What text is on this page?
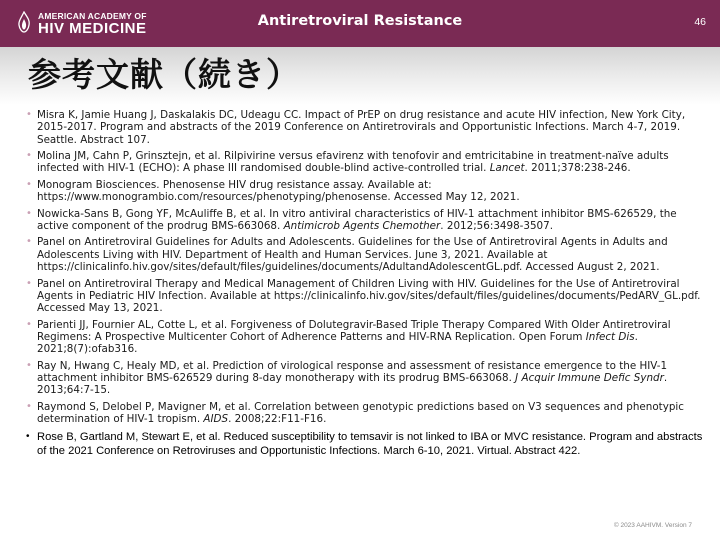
AMERICAN ACADEMY OF
HIV MEDICINE	Antiretroviral Resistance	46
参考文献（続き）
• Misra K, Jamie Huang J, Daskalakis DC, Udeagu CC. Impact of PrEP on drug resistance and acute HIV infection, New York City, 2015-2017. Program and abstracts of the 2019 Conference on Antiretrovirals and Opportunistic Infections. March 4-7, 2019. Seattle. Abstract 107.
• Molina JM, Cahn P, Grinsztejn, et al. Rilpivirine versus efavirenz with tenofovir and emtricitabine in treatment-naïve adults infected with HIV-1 (ECHO): A phase III randomised double-blind active-controlled trial. Lancet. 2011;378:238-246.
• Monogram Biosciences. Phenosense HIV drug resistance assay. Available at: https://www.monogrambio.com/resources/phenotyping/phenosense. Accessed May 12, 2021.
• Nowicka-Sans B, Gong YF, McAuliffe B, et al. In vitro antiviral characteristics of HIV-1 attachment inhibitor BMS-626529, the active component of the prodrug BMS-663068. Antimicrob Agents Chemother. 2012;56:3498-3507.
• Panel on Antiretroviral Guidelines for Adults and Adolescents. Guidelines for the Use of Antiretroviral Agents in Adults and Adolescents Living with HIV. Department of Health and Human Services. June 3, 2021. Available at https://clinicalinfo.hiv.gov/sites/default/files/guidelines/documents/AdultandAdolescentGL.pdf. Accessed August 2, 2021.
• Panel on Antiretroviral Therapy and Medical Management of Children Living with HIV. Guidelines for the Use of Antiretroviral Agents in Pediatric HIV Infection. Available at https://clinicalinfo.hiv.gov/sites/default/files/guidelines/documents/PedARV_GL.pdf. Accessed May 13, 2021.
• Parienti JJ, Fournier AL, Cotte L, et al. Forgiveness of Dolutegravir-Based Triple Therapy Compared With Older Antiretroviral Regimens: A Prospective Multicenter Cohort of Adherence Patterns and HIV-RNA Replication. Open Forum Infect Dis. 2021;8(7):ofab316.
• Ray N, Hwang C, Healy MD, et al. Prediction of virological response and assessment of resistance emergence to the HIV-1 attachment inhibitor BMS-626529 during 8-day monotherapy with its prodrug BMS-663068. J Acquir Immune Defic Syndr. 2013;64:7-15.
• Raymond S, Delobel P, Mavigner M, et al. Correlation between genotypic predictions based on V3 sequences and phenotypic determination of HIV-1 tropism. AIDS. 2008;22:F11-F16.
• Rose B, Gartland M, Stewart E, et al. Reduced susceptibility to temsavir is not linked to IBA or MVC resistance. Program and abstracts of the 2021 Conference on Retroviruses and Opportunistic Infections. March 6-10, 2021. Virtual. Abstract 422.
© 2023 AAHIVM. Version 7
